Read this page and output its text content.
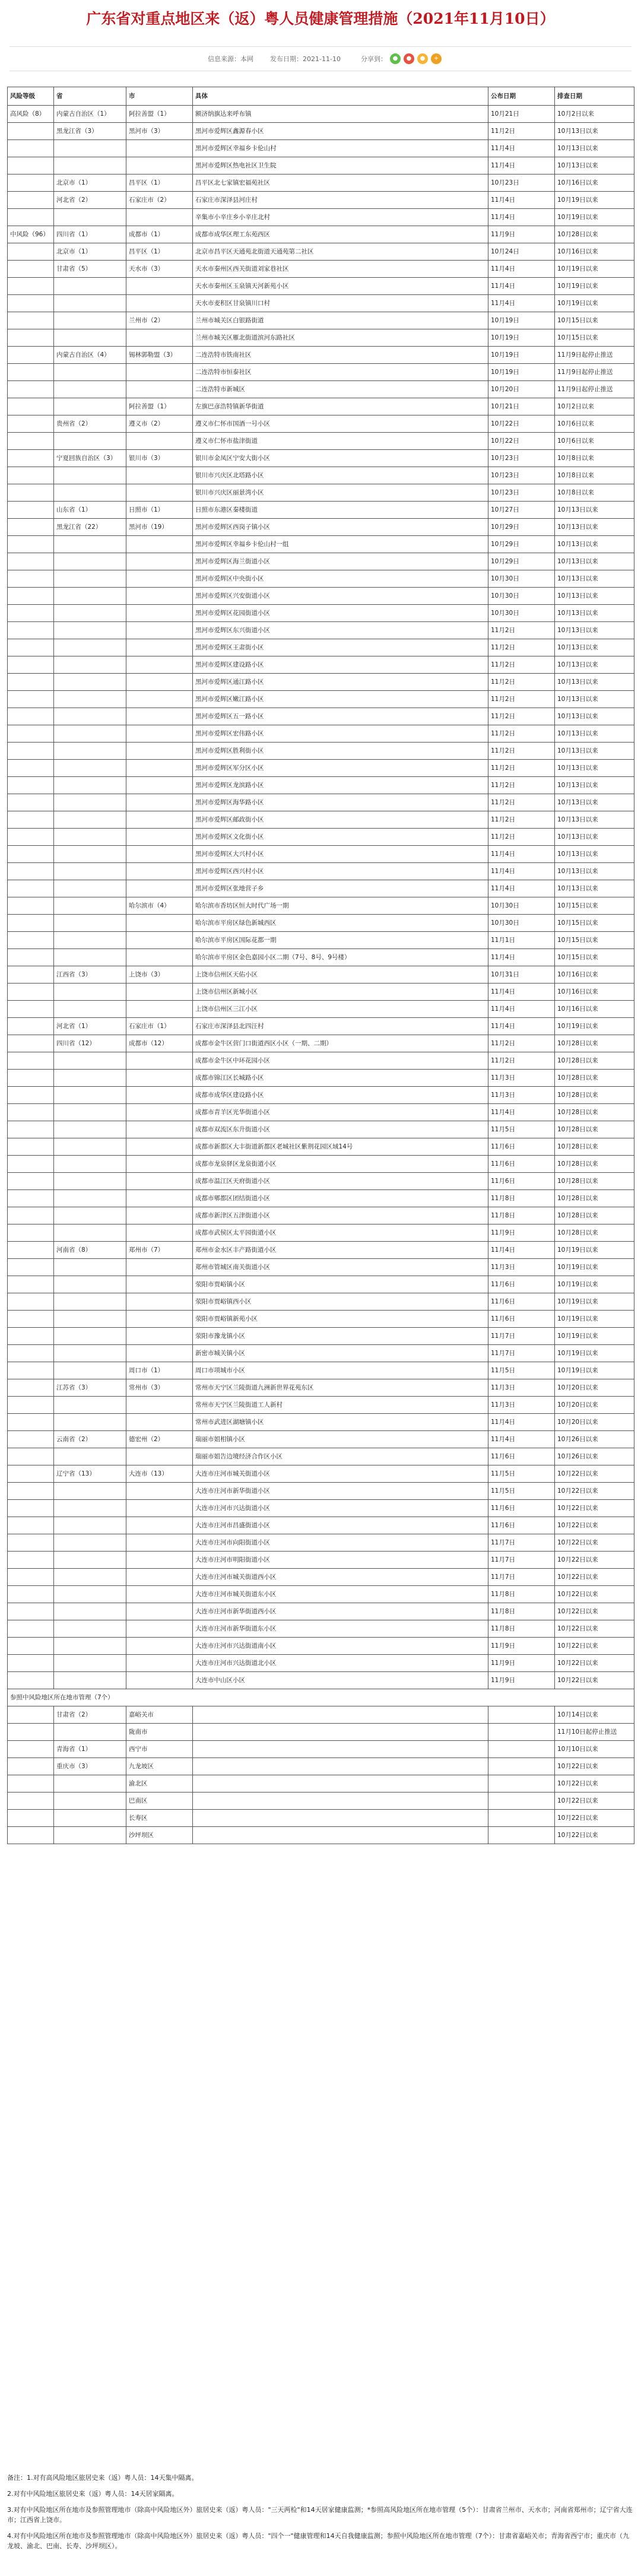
广东省对重点地区来（返）粤人员健康管理措施（2021年11月10日）
信息来源：本网	发布日期：2021-11-10	分享到： ●	●	●	+
风险等级	省	市	具体	公布日期	排查日期
高风险（8）	内蒙古自治区（1）	阿拉善盟（1）	额济纳旗达来呼布镇	10月21日	10月2日以来
	黑龙江省（3）	黑河市（3）	黑河市爱辉区鑫源春小区	11月2日	10月13日以来
			黑河市爱辉区幸福乡卡伦山村	11月4日	10月13日以来
			黑河市爱辉区热电社区卫生院	11月4日	10月13日以来
	北京市（1）	昌平区（1）	昌平区北七家镇宏福苑社区	10月23日	10月16日以来
	河北省（2）	石家庄市（2）	石家庄市深泽县河庄村	11月4日	10月19日以来
			辛集市小辛庄乡小辛庄北村	11月4日	10月19日以来
中风险（96）	四川省（1）	成都市（1）	成都市成华区理工东苑西区	11月9日	10月28日以来
	北京市（1）	昌平区（1）	北京市昌平区天通苑北街道天通苑第二社区	10月24日	10月16日以来
	甘肃省（5）	天水市（3）	天水市秦州区西关街道刘家巷社区	11月4日	10月19日以来
			天水市秦州区玉泉镇天河新苑小区	11月4日	10月19日以来
			天水市麦积区甘泉镇川口村	11月4日	10月19日以来
		兰州市（2）	兰州市城关区白银路街道	10月19日	10月15日以来
			兰州市城关区雁北街道滨河东路社区	10月19日	10月15日以来
	内蒙古自治区（4）	锡林郭勒盟（3）	二连浩特市铁南社区	10月19日	11月9日起停止推送
			二连浩特市恒泰社区	10月19日	11月9日起停止推送
			二连浩特市新城区	10月20日	11月9日起停止推送
		阿拉善盟（1）	左旗巴彦浩特镇新华街道	10月21日	10月2日以来
	贵州省（2）	遵义市（2）	遵义市仁怀市国酒一号小区	10月22日	10月6日以来
			遵义市仁怀市盐津街道	10月22日	10月6日以来
	宁夏回族自治区（3）	银川市（3）	银川市金凤区宁安大街小区	10月23日	10月8日以来
			银川市兴庆区北塔路小区	10月23日	10月8日以来
			银川市兴庆区丽景湾小区	10月23日	10月8日以来
	山东省（1）	日照市（1）	日照市东港区秦楼街道	10月27日	10月13日以来
	黑龙江省（22）	黑河市（19）	黑河市爱辉区西岗子镇小区	10月29日	10月13日以来
			黑河市爱辉区幸福乡卡伦山村一组	10月29日	10月13日以来
			黑河市爱辉区海兰街道小区	10月29日	10月13日以来
			黑河市爱辉区中央街小区	10月30日	10月13日以来
			黑河市爱辉区兴安街道小区	10月30日	10月13日以来
			黑河市爱辉区花园街道小区	10月30日	10月13日以来
			黑河市爱辉区东兴街道小区	11月2日	10月13日以来
			黑河市爱辉区王肃街小区	11月2日	10月13日以来
			黑河市爱辉区建设路小区	11月2日	10月13日以来
			黑河市爱辉区通江路小区	11月2日	10月13日以来
			黑河市爱辉区嫩江路小区	11月2日	10月13日以来
			黑河市爱辉区五一路小区	11月2日	10月13日以来
			黑河市爱辉区宏伟路小区	11月2日	10月13日以来
			黑河市爱辉区胜利街小区	11月2日	10月13日以来
			黑河市爱辉区军分区小区	11月2日	10月13日以来
			黑河市爱辉区龙滨路小区	11月2日	10月13日以来
			黑河市爱辉区海华路小区	11月2日	10月13日以来
			黑河市爱辉区邮政街小区	11月2日	10月13日以来
			黑河市爱辉区文化街小区	11月2日	10月13日以来
			黑河市爱辉区大兴村小区	11月4日	10月13日以来
			黑河市爱辉区西兴村小区	11月4日	10月13日以来
			黑河市爱辉区张地营子乡	11月4日	10月13日以来
		哈尔滨市（4）	哈尔滨市香坊区恒大时代广场一期	10月30日	10月15日以来
			哈尔滨市平房区绿色新城西区	10月30日	10月15日以来
			哈尔滨市平房区国际花都一期	11月1日	10月15日以来
			哈尔滨市平房区金色嘉园小区二期（7号、8号、9号楼）	11月4日	10月15日以来
	江西省（3）	上饶市（3）	上饶市信州区天佑小区	10月31日	10月16日以来
			上饶市信州区新城小区	11月4日	10月16日以来
			上饶市信州区三江小区	11月4日	10月16日以来
	河北省（1）	石家庄市（1）	石家庄市深泽县北四汪村	11月4日	10月19日以来
	四川省（12）	成都市（12）	成都市金牛区营门口街道西区小区（一期、二期）	11月2日	10月28日以来
			成都市金牛区中环花园小区	11月2日	10月28日以来
			成都市锦江区长城路小区	11月3日	10月28日以来
			成都市成华区建设路小区	11月3日	10月28日以来
			成都市青羊区光华街道小区	11月4日	10月28日以来
			成都市双流区东升街道小区	11月5日	10月28日以来
			成都市新都区大丰街道新都区老城社区紫荆花园区域14号	11月6日	10月28日以来
			成都市龙泉驿区龙泉街道小区	11月6日	10月28日以来
			成都市温江区天府街道小区	11月6日	10月28日以来
			成都市郫都区团结街道小区	11月8日	10月28日以来
			成都市新津区五津街道小区	11月8日	10月28日以来
			成都市武侯区太平园街道小区	11月9日	10月28日以来
	河南省（8）	郑州市（7）	郑州市金水区丰产路街道小区	11月4日	10月19日以来
			郑州市管城区南关街道小区	11月3日	10月19日以来
			荥阳市贾峪镇小区	11月6日	10月19日以来
			荥阳市贾峪镇西小区	11月6日	10月19日以来
			荥阳市贾峪镇新苑小区	11月6日	10月19日以来
			荥阳市豫龙镇小区	11月7日	10月19日以来
			新密市城关镇小区	11月7日	10月19日以来
		周口市（1）	周口市项城市小区	11月5日	10月19日以来
	江苏省（3）	常州市（3）	常州市天宁区兰陵街道九洲新世界花苑东区	11月3日	10月20日以来
			常州市天宁区兰陵街道工人新村	11月3日	10月20日以来
			常州市武进区湖塘镇小区	11月4日	10月20日以来
	云南省（2）	德宏州（2）	瑞丽市姐相镇小区	11月4日	10月26日以来
			瑞丽市姐告边境经济合作区小区	11月6日	10月26日以来
	辽宁省（13）	大连市（13）	大连市庄河市城关街道小区	11月5日	10月22日以来
			大连市庄河市新华街道小区	11月5日	10月22日以来
			大连市庄河市兴达街道小区	11月6日	10月22日以来
			大连市庄河市昌盛街道小区	11月6日	10月22日以来
			大连市庄河市向阳街道小区	11月7日	10月22日以来
			大连市庄河市明阳街道小区	11月7日	10月22日以来
			大连市庄河市城关街道西小区	11月7日	10月22日以来
			大连市庄河市城关街道东小区	11月8日	10月22日以来
			大连市庄河市新华街道西小区	11月8日	10月22日以来
			大连市庄河市新华街道东小区	11月8日	10月22日以来
			大连市庄河市兴达街道南小区	11月9日	10月22日以来
			大连市庄河市兴达街道北小区	11月9日	10月22日以来
			大连市中山区小区	11月9日	10月22日以来
参照中风险地区所在地市管理（7个）					
	甘肃省（2）	嘉峪关市			10月14日以来
		陇南市			11月10日起停止推送
	青海省（1）	西宁市			10月10日以来
	重庆市（3）	九龙坡区			10月22日以来
		渝北区			10月22日以来
		巴南区			10月22日以来
		长寿区			10月22日以来
		沙坪坝区			10月22日以来

备注：1.对有高风险地区旅居史来（返）粤人员：14天集中隔离。

2.对有中风险地区旅居史来（返）粤人员：14天居家隔离。

3.对有中风险地区所在地市及参照管理地市（除高中风险地区外）旅居史来（返）粤人员："三天两检"和14天居家健康监测；*参照高风险地区所在地市管理（5个）：甘肃省兰州市、天水市；河南省郑州市；辽宁省大连市；江西省上饶市。

4.对有中风险地区所在地市及参照管理地市（除高中风险地区外）旅居史来（返）粤人员："四个一"健康管理和14天自我健康监测；参照中风险地区所在地市管理（7个）：甘肃省嘉峪关市；青海省西宁市；重庆市（九龙坡、渝北、巴南、长寿、沙坪坝区）。
